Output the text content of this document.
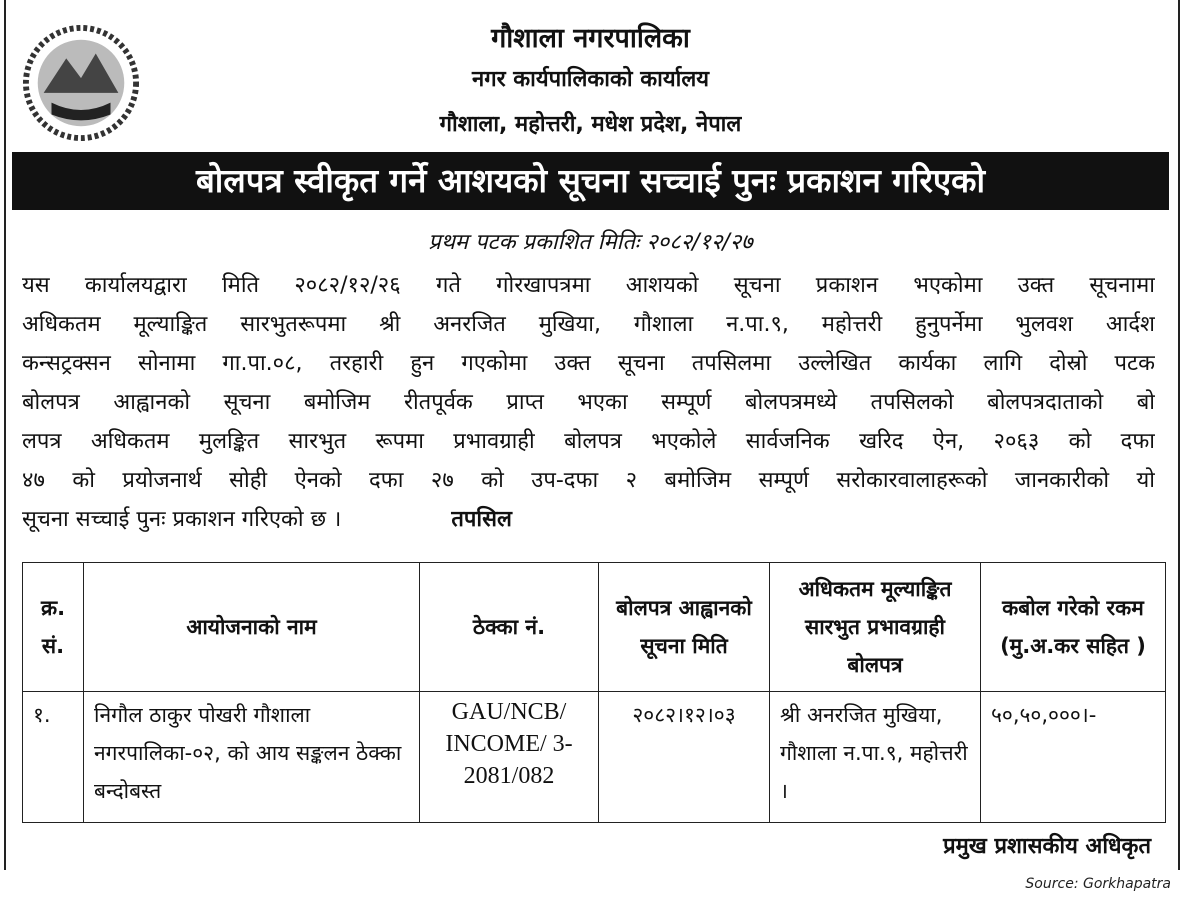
गौशाला नगरपालिका
नगर कार्यपालिकाको कार्यालय
गौशाला, महोत्तरी, मधेश प्रदेश, नेपाल
बोलपत्र स्वीकृत गर्ने आशयको सूचना सच्चाई पुनः प्रकाशन गरिएको
प्रथम पटक प्रकाशित मितिः २०८२/१२/२७
यस कार्यालयद्वारा मिति २०८२/१२/२६ गते गोरखापत्रमा आशयको सूचना प्रकाशन भएकोमा उक्त सूचनामा
अधिकतम मूल्याङ्कित सारभुतरूपमा श्री अनरजित मुखिया, गौशाला न.पा.९, महोत्तरी हुनुपर्नेमा भुलवश आर्दश
कन्सट्रक्सन सोनामा गा.पा.०८, तरहारी हुन गएकोमा उक्त सूचना तपसिलमा उल्लेखित कार्यका लागि दोस्रो पटक
बोलपत्र आह्वानको सूचना बमोजिम रीतपूर्वक प्राप्त भएका सम्पूर्ण बोलपत्रमध्ये तपसिलको बोलपत्रदाताको बो
लपत्र अधिकतम मुलङ्कित सारभुत रूपमा प्रभावग्राही बोलपत्र भएकोले सार्वजनिक खरिद ऐन, २०६३ को दफा
४७ को प्रयोजनार्थ सोही ऐनको दफा २७ को उप-दफा २ बमोजिम सम्पूर्ण सरोकारवालाहरूको जानकारीको यो
सूचना सच्चाई पुनः प्रकाशन गरिएको छ ।	तपसिल
क्र. सं.	आयोजनाको नाम	ठेक्का नं.	बोलपत्र आह्वानको सूचना मिति	अधिकतम मूल्याङ्कित सारभुत प्रभावग्राही बोलपत्र	कबोल गरेको रकम (मु.अ.कर सहित )
१.	निगौल ठाकुर पोखरी गौशाला नगरपालिका-०२, को आय सङ्कलन ठेक्का बन्दोबस्त	GAU/NCB/ INCOME/ 3-2081/082	२०८२।१२।०३	श्री अनरजित मुखिया, गौशाला न.पा.९, महोत्तरी ।	५०,५०,०००।-
प्रमुख प्रशासकीय अधिकृत
Source: Gorkhapatra
